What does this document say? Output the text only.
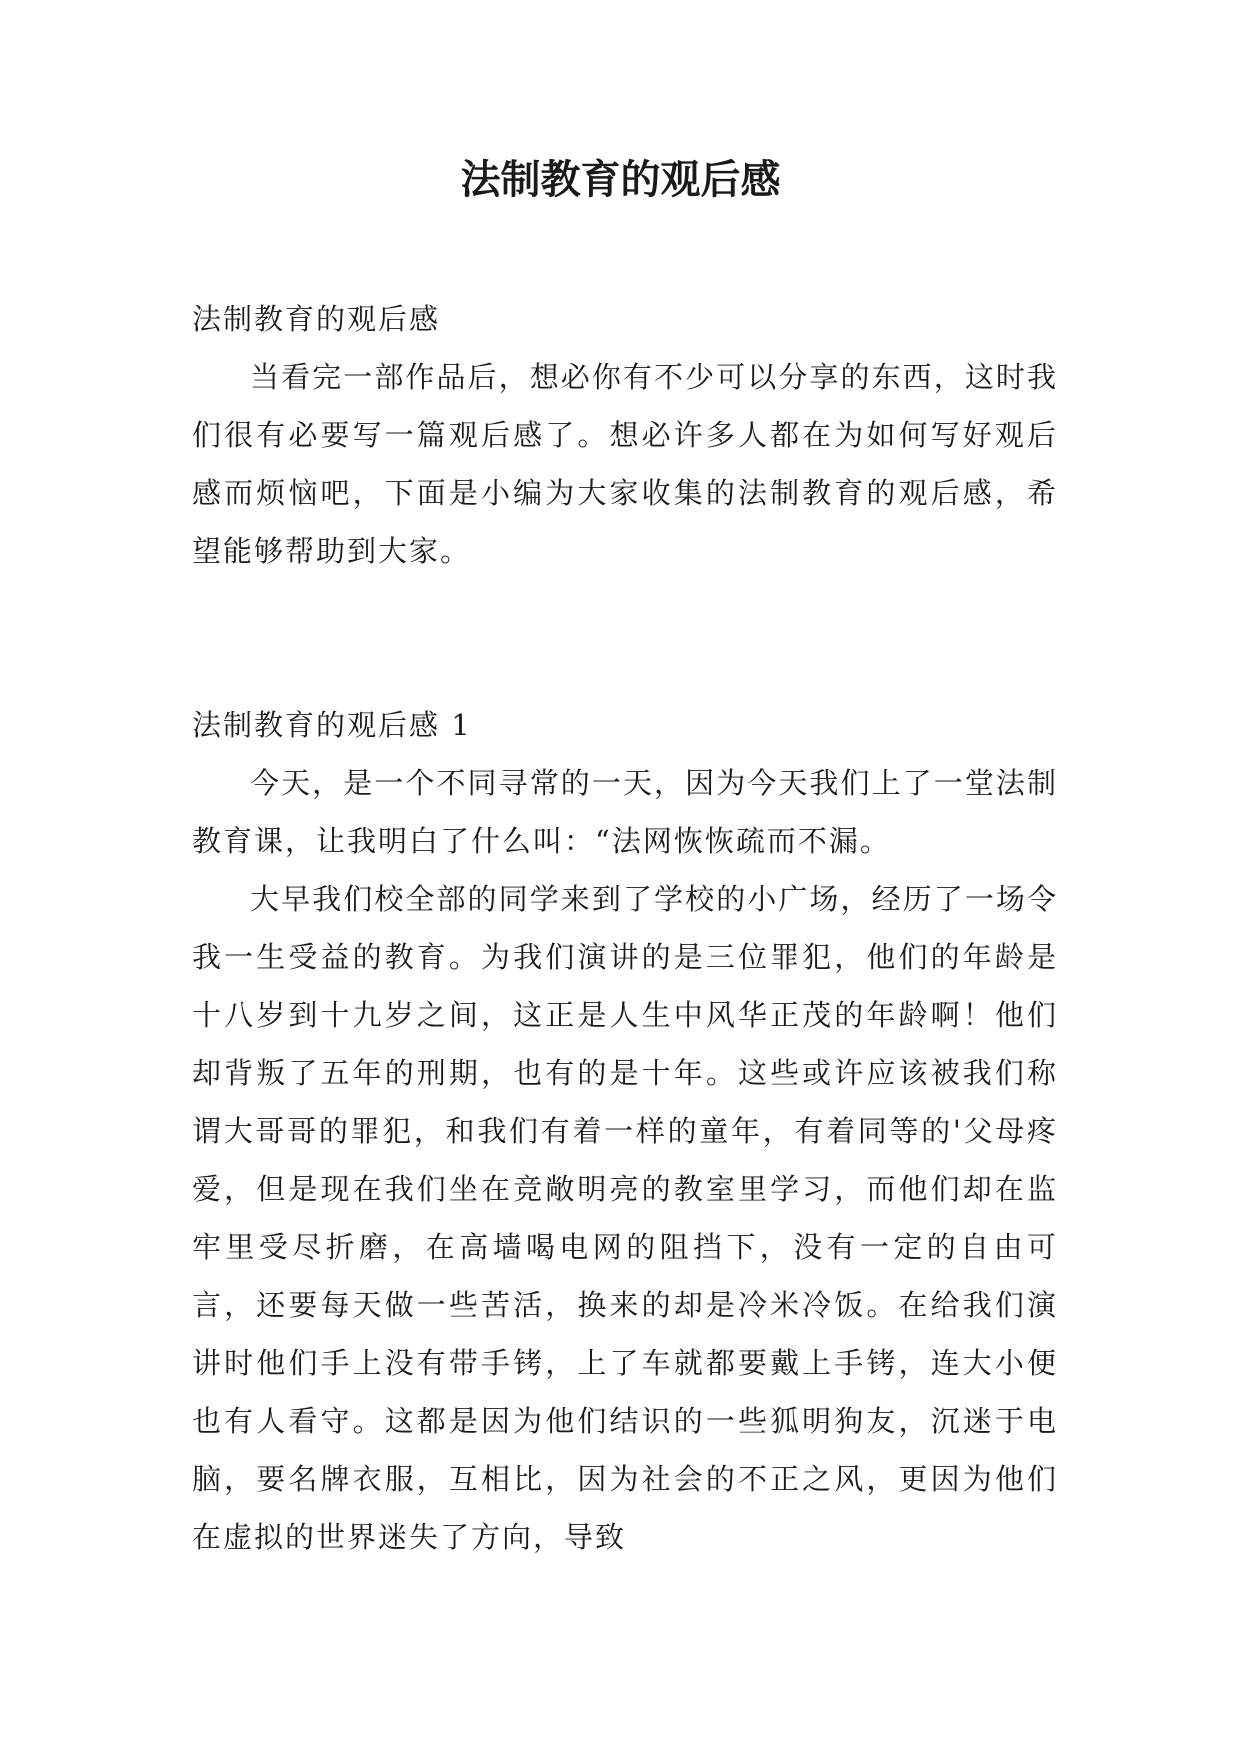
法制教育的观后感

法制教育的观后感

当看完一部作品后，想必你有不少可以分享的东西，这时我们很有必要写一篇观后感了。想必许多人都在为如何写好观后感而烦恼吧，下面是小编为大家收集的法制教育的观后感，希望能够帮助到大家。

法制教育的观后感 1

今天，是一个不同寻常的一天，因为今天我们上了一堂法制教育课，让我明白了什么叫：“法网恢恢疏而不漏。

大早我们校全部的同学来到了学校的小广场，经历了一场令我一生受益的教育。为我们演讲的是三位罪犯，他们的年龄是十八岁到十九岁之间，这正是人生中风华正茂的年龄啊！他们却背叛了五年的刑期，也有的是十年。这些或许应该被我们称谓大哥哥的罪犯，和我们有着一样的童年，有着同等的'父母疼爱，但是现在我们坐在竞敞明亮的教室里学习，而他们却在监牢里受尽折磨，在高墙喝电网的阻挡下，没有一定的自由可言，还要每天做一些苦活，换来的却是冷米冷饭。在给我们演讲时他们手上没有带手铐，上了车就都要戴上手铐，连大小便也有人看守。这都是因为他们结识的一些狐明狗友，沉迷于电脑，要名牌衣服，互相比，因为社会的不正之风，更因为他们在虚拟的世界迷失了方向，导致
